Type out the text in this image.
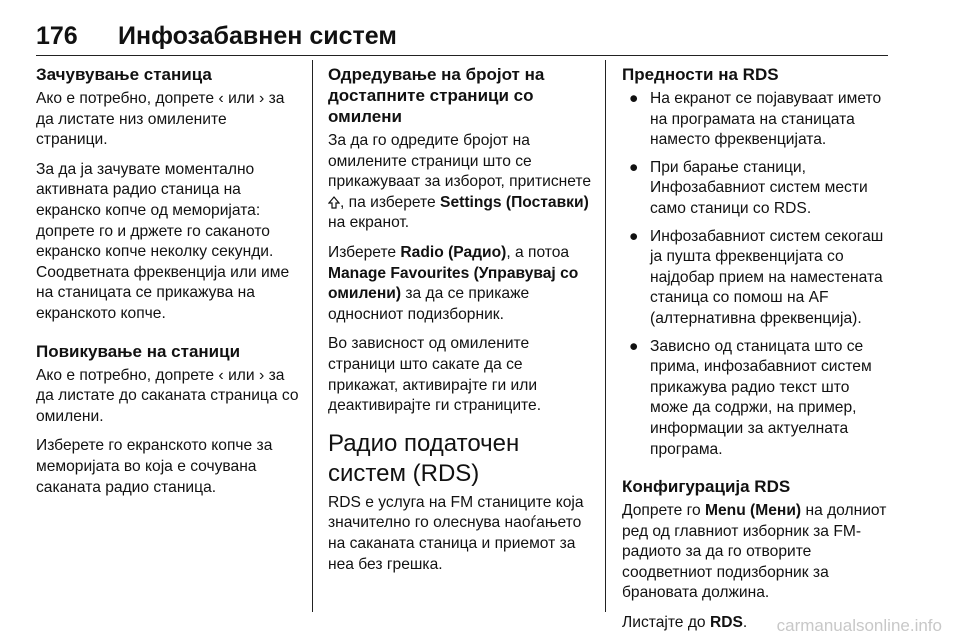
176 Инфозабавнен систем
Зачувување станица

Ако е потребно, допрете ‹ или › за да листате низ омилените страници.

За да ја зачувате моментално активната радио станица на екранско копче од меморијата: допрете го и држете го саканото екранско копче неколку секунди. Соодветната фреквенција или име на станицата се прикажува на екранското копче.

Повикување на станици

Ако е потребно, допрете ‹ или › за да листате до саканата страница со омилени.

Изберете го екранското копче за меморијата во која е сочувана саканата радио станица.

Одредување на бројот на достапните страници со омилени

За да го одредите бројот на омилените страници што се прикажуваат за изборот, притиснете , па изберете Settings (Поставки) на екранот.

Изберете Radio (Радио), а потоа Manage Favourites (Управувај со омилени) за да се прикаже односниот подизборник.

Во зависност од омилените страници што сакате да се прикажат, активирајте ги или деактивирајте ги страниците.

Радио податочен систем (RDS)

RDS е услуга на FM станиците која значително го олеснува наоѓањето на саканата станица и приемот за неа без грешка.

Предности на RDS
● На екранот се појавуваат името на програмата на станицата наместо фреквенцијата.
● При барање станици, Инфозабавниот систем мести само станици со RDS.
● Инфозабавниот систем секогаш ја пушта фреквенцијата со најдобар прием на наместената станица со помош на AF (алтернативна фреквенција).
● Зависно од станицата што се прима, инфозабавниот систем прикажува радио текст што може да содржи, на пример, информации за актуелната програма.
Конфигурација RDS

Допрете го Menu (Мени) на долниот ред од главниот изборник за FM-радиото за да го отворите соодветниот подизборник за брановата должина.

Листајте до RDS.	carmanualsonline.info
